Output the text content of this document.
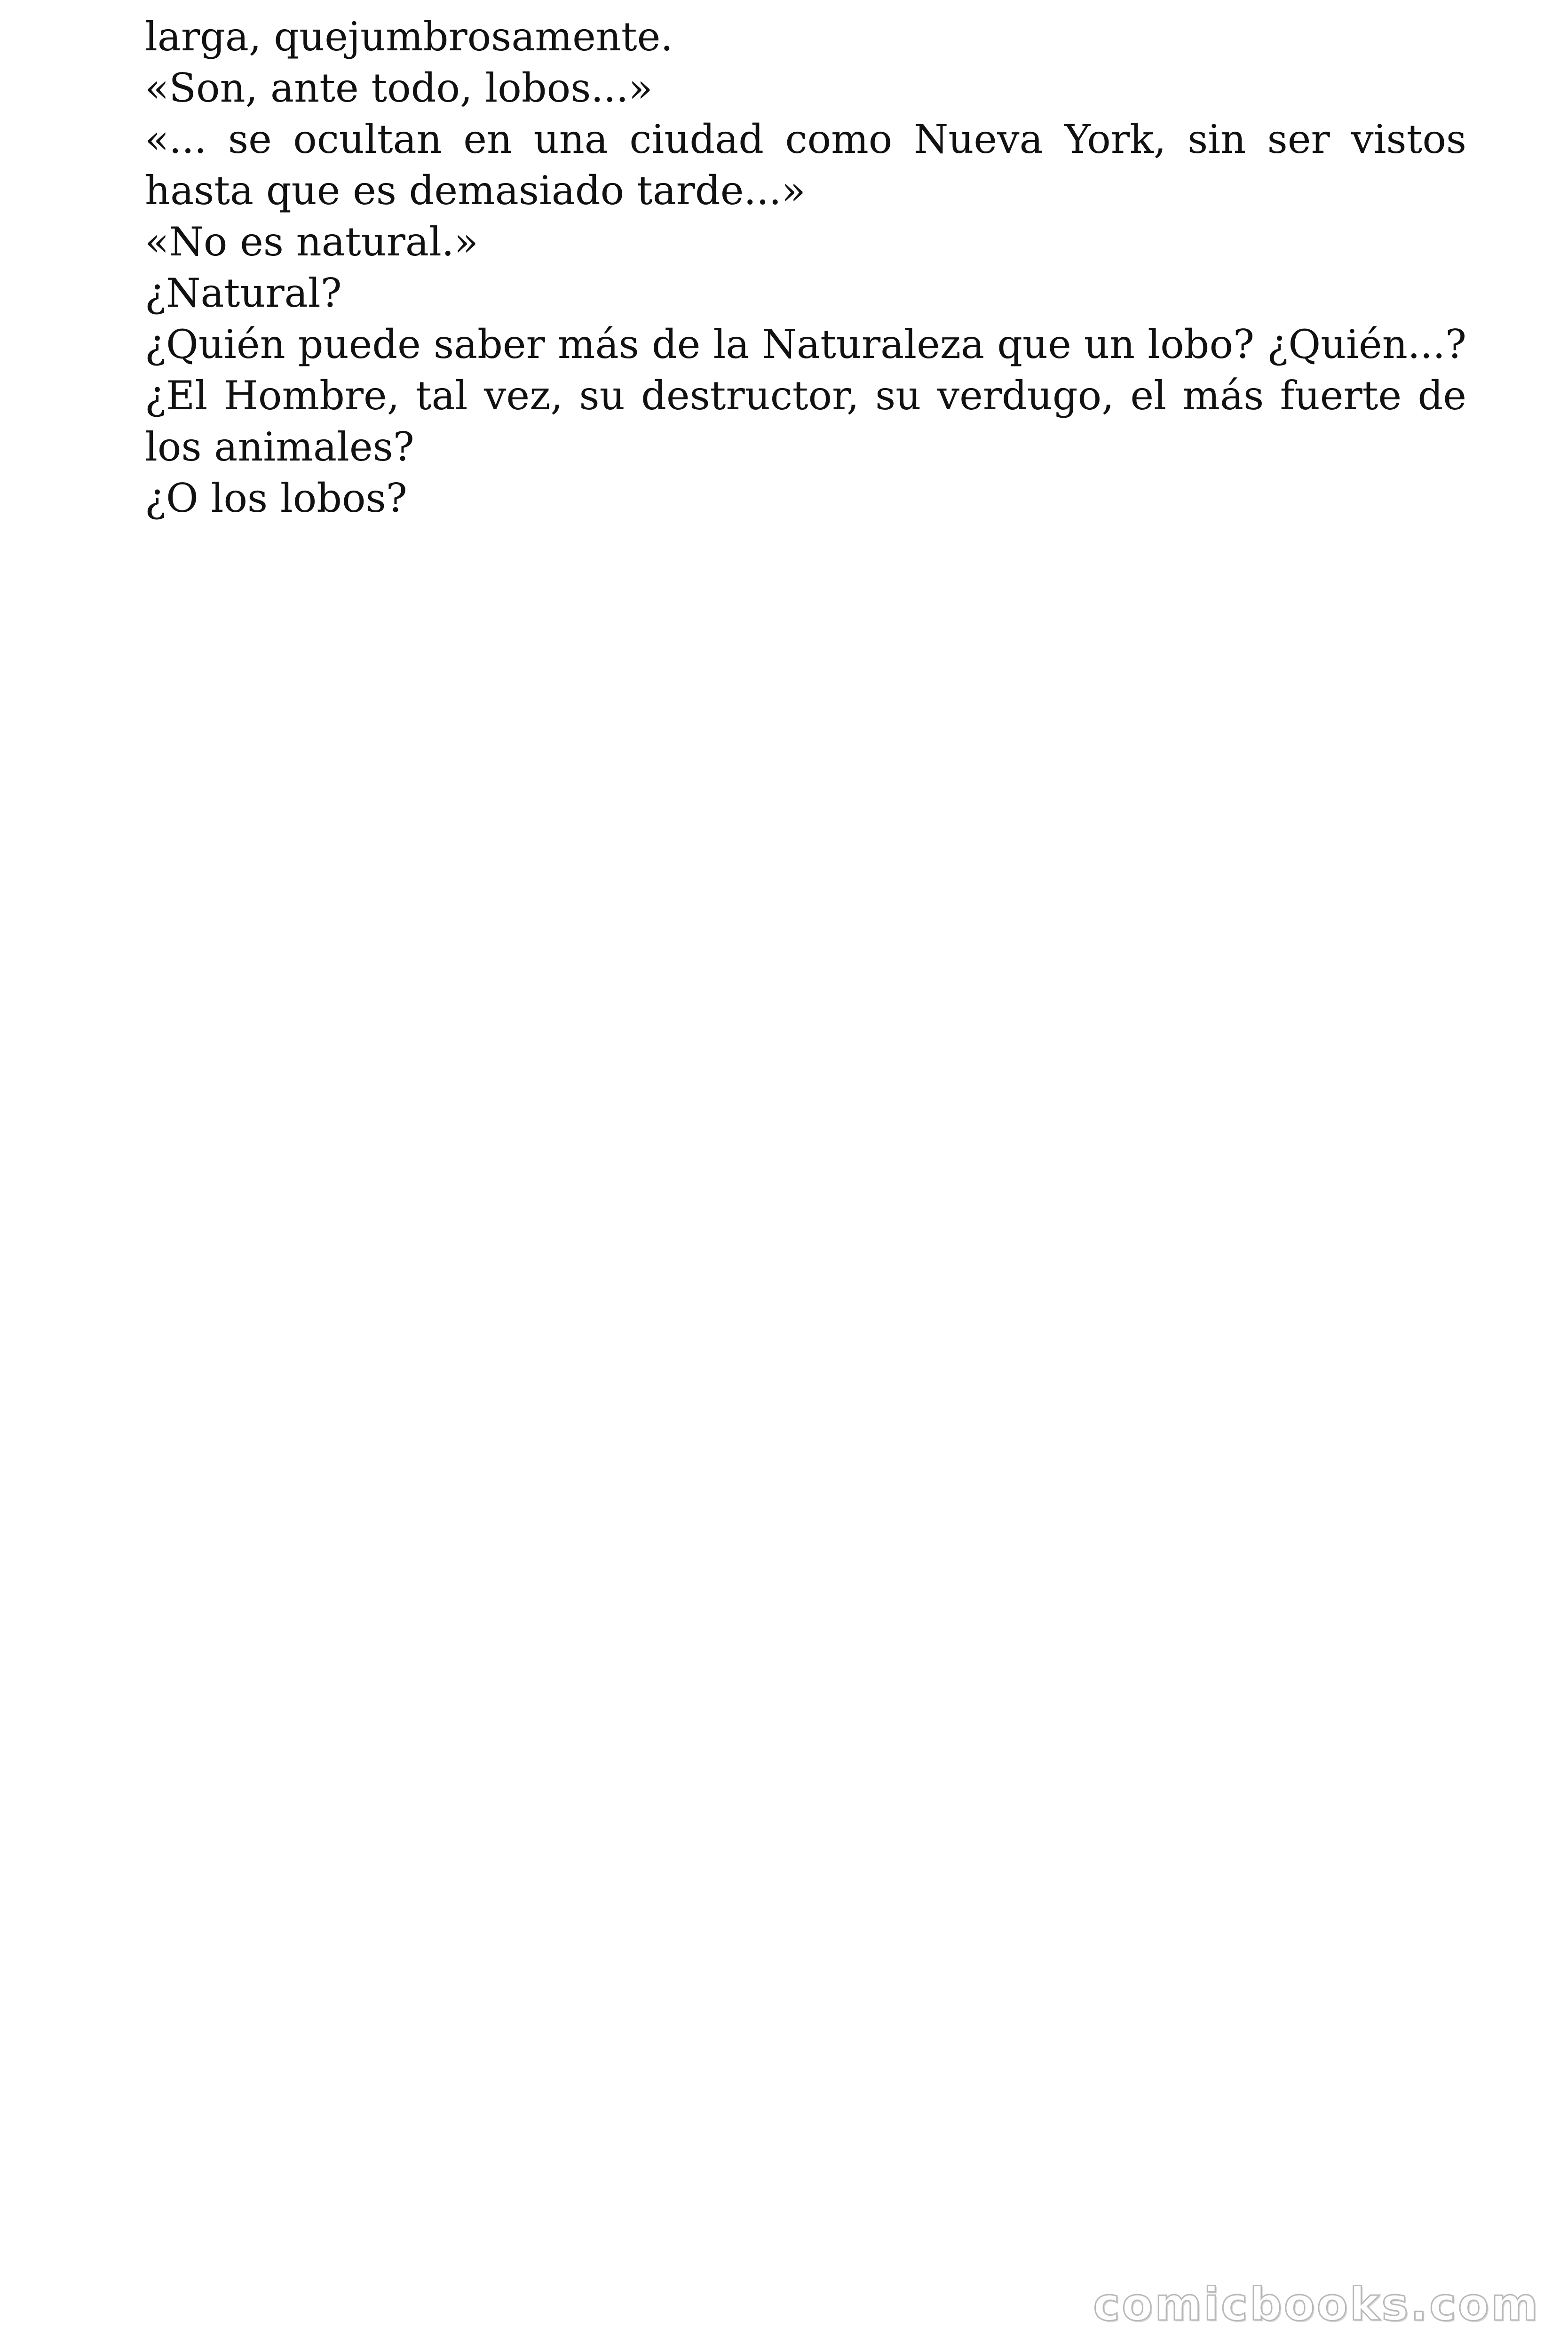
larga, quejumbrosamente.

«Son, ante todo, lobos...»

«... se ocultan en una ciudad como Nueva York, sin ser vistos hasta que es demasiado tarde...»

«No es natural.»

¿Natural?

¿Quién puede saber más de la Naturaleza que un lobo? ¿Quién...? ¿El Hombre, tal vez, su destructor, su verdugo, el más fuerte de los animales?

¿O los lobos?

comicbooks.com
